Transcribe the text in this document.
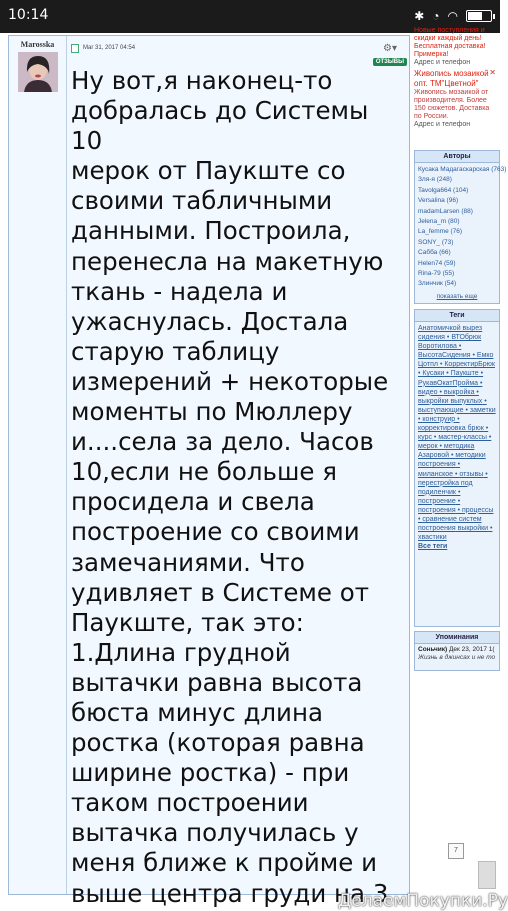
10:14	✱ ◔ ◠
Marosska	Mar 31, 2017 04:54	⚙▾
ОТЗЫВЫ
Ну вот,я наконец-то
добралась до Системы 10
мерок от Паукште со
своими табличными
данными. Построила,
перенесла на макетную
ткань - надела и
ужаснулась. Достала
старую таблицу
измерений + некоторые
моменты по Мюллеру
и....села за дело. Часов
10,если не больше я
просидела и свела
построение со своими
замечаниями. Что
удивляет в Системе от
Паукште, так это:
1.Длина грудной
вытачки равна высота
бюста минус длина
ростка (которая равна
ширине ростка) - при
таком построении
вытачка получилась у
меня ближе к пройме и
выше центра груди на 3
Новые поступления и скидки каждый день! Бесплатная доставка! Примерка!
Адрес и телефон
✕
Живопись мозаикой опт. ТМ"Цветной"
Живопись мозаикой от производителя. Более 150 сюжетов. Доставка по России.
Адрес и телефон
Авторы
Кусака Мадагаскарская (763)
Зля-я (248)
Tavolga664 (104)
Versalina (96)
madamLarsen (88)
Jelena_m (80)
La_femme (76)
SONY_ (73)
Сабба (66)
Helen74 (59)
Rina-79 (55)
Злинчик (54)
показать еще
Теги
Анатомичкой вырез сидения • ВТОбрюк Воротилова • ВысотаСидения • Емко Цотпл • КорректирБрюк • Кусаки • Паукште • РукавОкатПройма • видео • выкройка • выкройки выпуклых • выступающие • заметки • конструир • корректировка брюк • курс • мастер-классы • мерок • методика Азаровой • методики построения • миланское • отзывы • перестройка под подиленчик • построение • построения • процессы • сравнение систем построения выкройки • хвастики
Все теги
Упоминания
Соньчик) Дек 23, 2017 1(
Жизнь в джинсах и не то
7
ДелаемПокупки.Ру
